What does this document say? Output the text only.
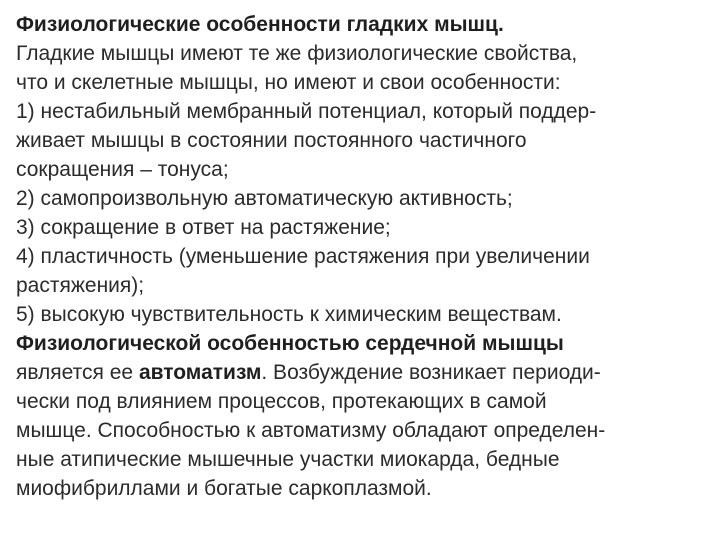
Физиологические особенности гладких мышц.
Гладкие мышцы имеют те же физиологические свойства,
что и скелетные мышцы, но имеют и свои особенности:
1) нестабильный мембранный потенциал, который поддер-
живает мышцы в состоянии постоянного частичного
сокращения – тонуса;
2) самопроизвольную автоматическую активность;
3) сокращение в ответ на растяжение;
4) пластичность (уменьшение растяжения при увеличении
растяжения);
5) высокую чувствительность к химическим веществам.
Физиологической особенностью сердечной мышцы
является ее автоматизм. Возбуждение возникает периоди-
чески под влиянием процессов, протекающих в самой
мышце. Способностью к автоматизму обладают определен-
ные атипические мышечные участки миокарда, бедные
миофибриллами и богатые саркоплазмой.
